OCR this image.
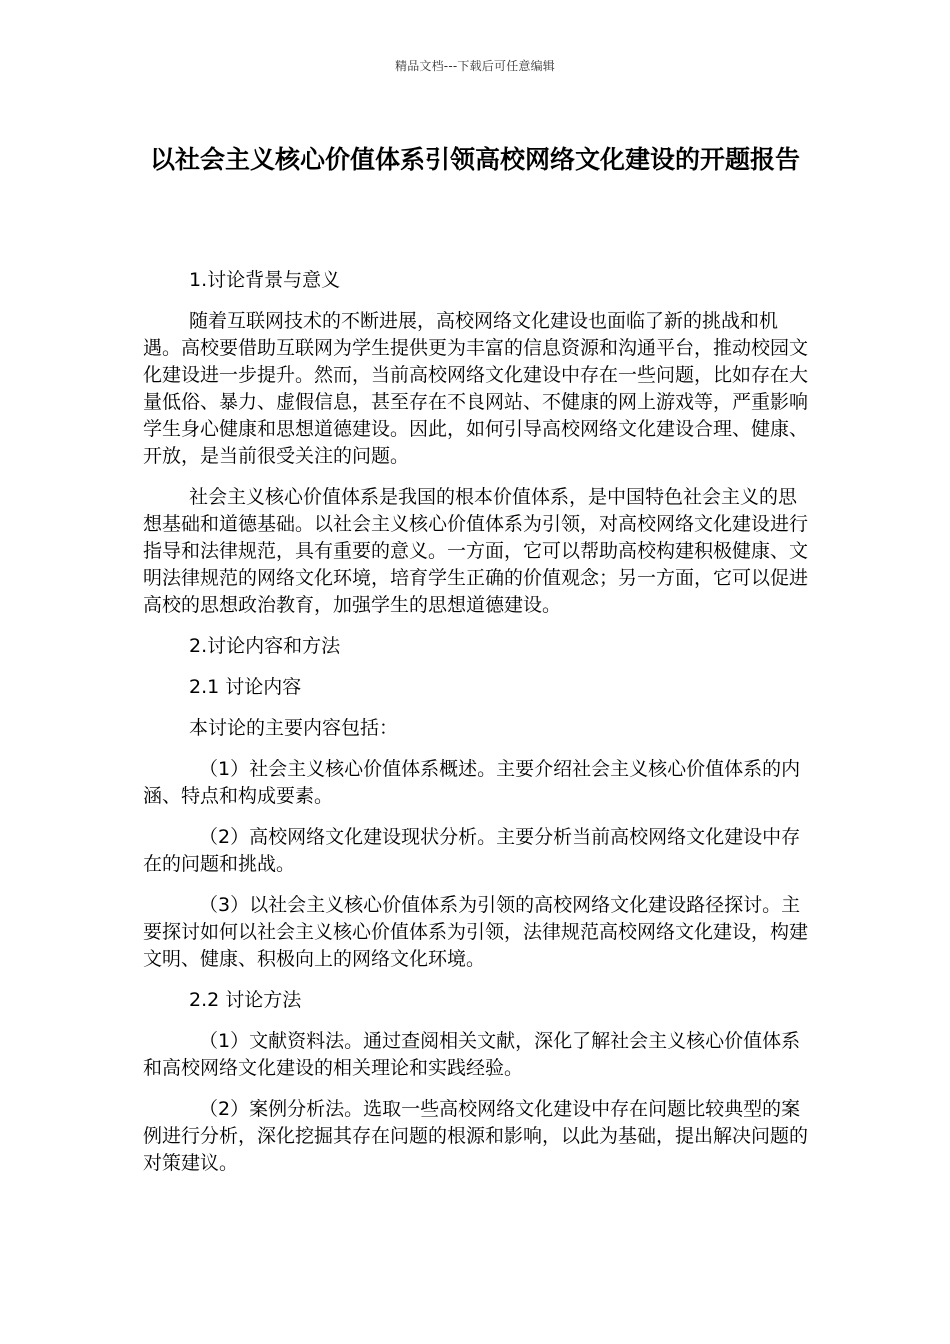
精品文档---下载后可任意编辑
以社会主义核心价值体系引领高校网络文化建设的开题报告

1.讨论背景与意义

随着互联网技术的不断进展，高校网络文化建设也面临了新的挑战和机遇。高校要借助互联网为学生提供更为丰富的信息资源和沟通平台，推动校园文化建设进一步提升。然而，当前高校网络文化建设中存在一些问题，比如存在大量低俗、暴力、虚假信息，甚至存在不良网站、不健康的网上游戏等，严重影响学生身心健康和思想道德建设。因此，如何引导高校网络文化建设合理、健康、开放，是当前很受关注的问题。

社会主义核心价值体系是我国的根本价值体系，是中国特色社会主义的思想基础和道德基础。以社会主义核心价值体系为引领，对高校网络文化建设进行指导和法律规范，具有重要的意义。一方面，它可以帮助高校构建积极健康、文明法律规范的网络文化环境，培育学生正确的价值观念；另一方面，它可以促进高校的思想政治教育，加强学生的思想道德建设。

2.讨论内容和方法

2.1 讨论内容

本讨论的主要内容包括：

（1）社会主义核心价值体系概述。主要介绍社会主义核心价值体系的内涵、特点和构成要素。

（2）高校网络文化建设现状分析。主要分析当前高校网络文化建设中存在的问题和挑战。

（3）以社会主义核心价值体系为引领的高校网络文化建设路径探讨。主要探讨如何以社会主义核心价值体系为引领，法律规范高校网络文化建设，构建文明、健康、积极向上的网络文化环境。

2.2 讨论方法

（1）文献资料法。通过查阅相关文献，深化了解社会主义核心价值体系和高校网络文化建设的相关理论和实践经验。

（2）案例分析法。选取一些高校网络文化建设中存在问题比较典型的案例进行分析，深化挖掘其存在问题的根源和影响，以此为基础，提出解决问题的对策建议。
